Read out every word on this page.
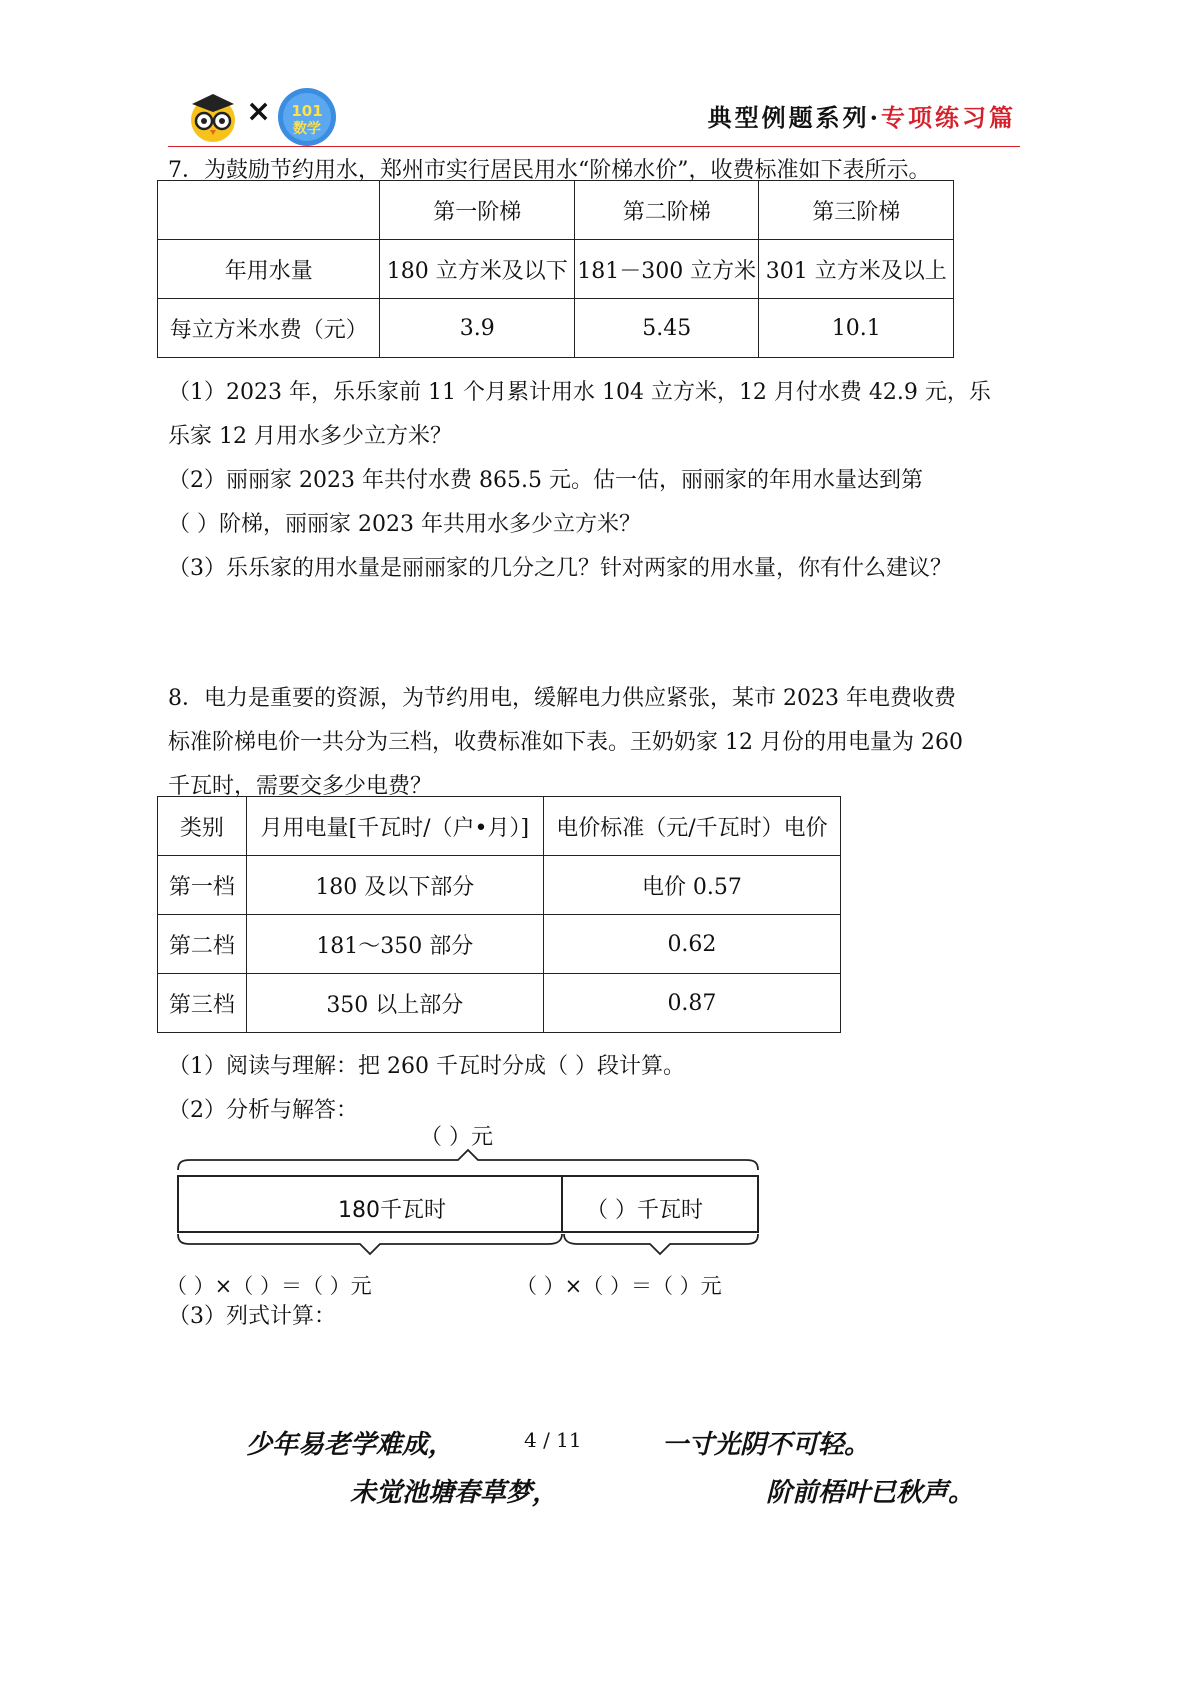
× 101
数学	典型例题系列·专项练习篇
7．为鼓励节约用水，郑州市实行居民用水“阶梯水价”，收费标准如下表所示。
	第一阶梯	第二阶梯	第三阶梯
年用水量	180 立方米及以下	181－300 立方米	301 立方米及以上
每立方米水费（元）	3.9	5.45	10.1
（1）2023 年，乐乐家前 11 个月累计用水 104 立方米，12 月付水费 42.9 元，乐
乐家 12 月用水多少立方米？
（2）丽丽家 2023 年共付水费 865.5 元。估一估，丽丽家的年用水量达到第
（ ）阶梯，丽丽家 2023 年共用水多少立方米？
（3）乐乐家的用水量是丽丽家的几分之几？针对两家的用水量，你有什么建议？
8．电力是重要的资源，为节约用电，缓解电力供应紧张，某市 2023 年电费收费
标准阶梯电价一共分为三档，收费标准如下表。王奶奶家 12 月份的用电量为 260
千瓦时，需要交多少电费？
类别	月用电量[千瓦时/（户•月）]	电价标准（元/千瓦时）电价
第一档	180 及以下部分	电价 0.57
第二档	181～350 部分	0.62
第三档	350 以上部分	0.87
（1）阅读与理解：把 260 千瓦时分成（ ）段计算。
（2）分析与解答：
（ ）元
180千瓦时	（ ）千瓦时
（ ）×（ ）＝（ ）元	（ ）×（ ）＝（ ）元
（3）列式计算：
少年易老学难成，	4 / 11	一寸光阴不可轻。
未觉池塘春草梦，	阶前梧叶已秋声。
